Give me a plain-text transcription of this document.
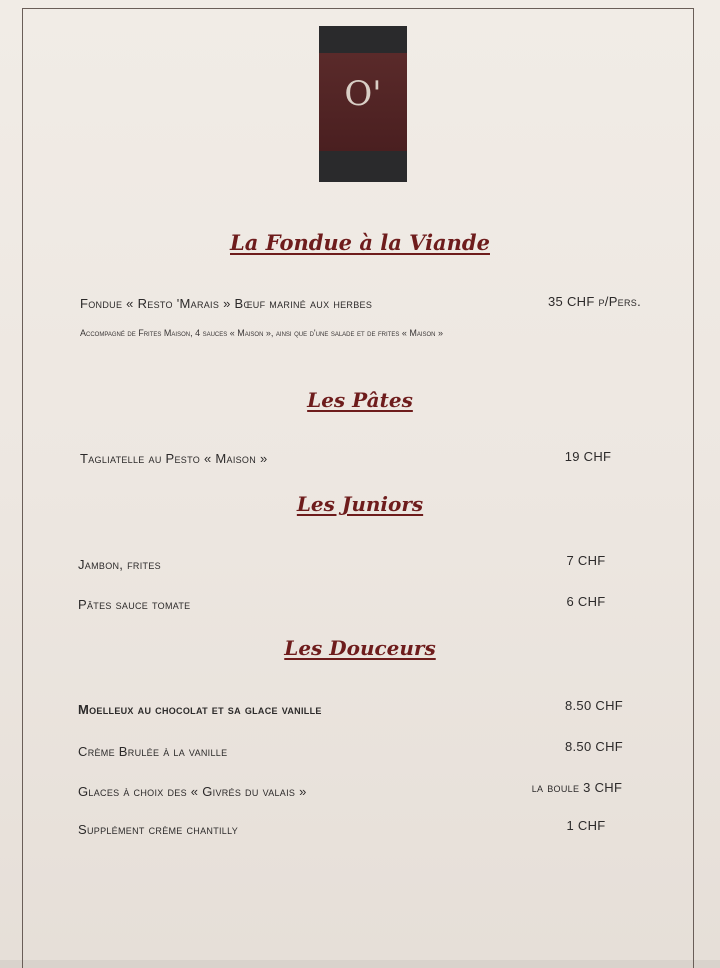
O'
La Fondue à la Viande

Fondue « Resto 'Marais » Bœuf mariné aux herbes	35 CHF p/Pers.

Accompagné de Frites Maison, 4 sauces « Maison », ainsi que d'une salade et de frites « Maison »

Les Pâtes

Tagliatelle au Pesto « Maison »	19 CHF

Les Juniors

Jambon, frites	7 CHF

Pâtes sauce tomate	6 CHF

Les Douceurs

Moelleux au chocolat et sa glace vanille	8.50 CHF

Crème Brulée à la vanille	8.50 CHF

Glaces à choix des « Givrés du valais »	la boule 3 CHF

Supplément crème chantilly	1 CHF
